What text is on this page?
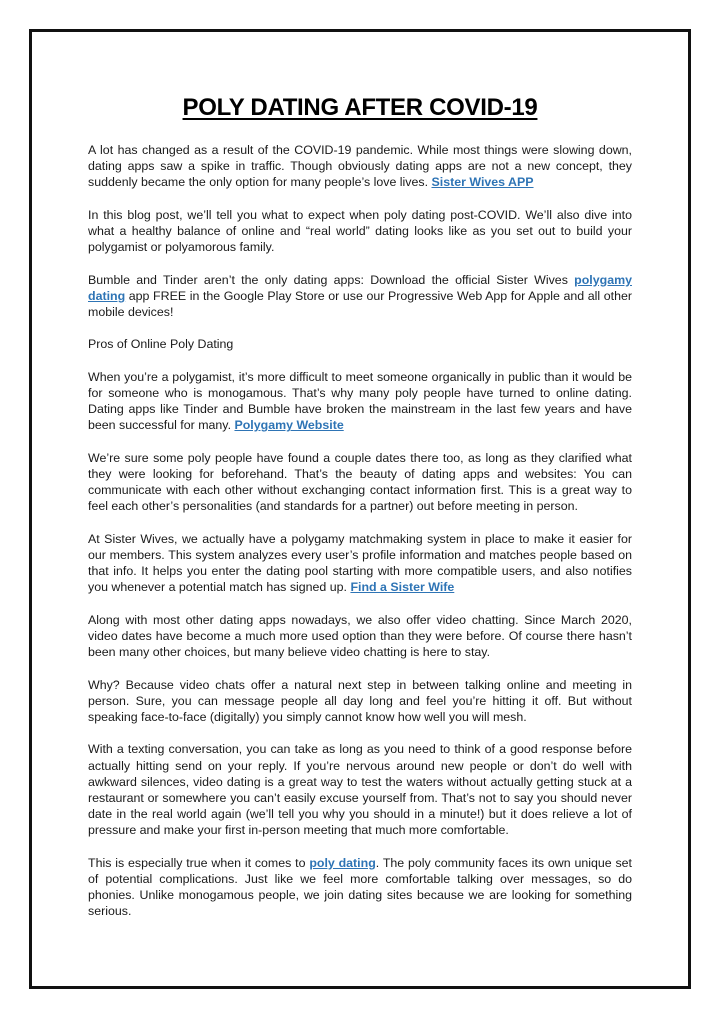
POLY DATING AFTER COVID-19

A lot has changed as a result of the COVID-19 pandemic. While most things were slowing down, dating apps saw a spike in traffic. Though obviously dating apps are not a new concept, they suddenly became the only option for many people’s love lives. Sister Wives APP

In this blog post, we’ll tell you what to expect when poly dating post-COVID. We’ll also dive into what a healthy balance of online and “real world” dating looks like as you set out to build your polygamist or polyamorous family.

Bumble and Tinder aren’t the only dating apps: Download the official Sister Wives polygamy dating app FREE in the Google Play Store or use our Progressive Web App for Apple and all other mobile devices!

Pros of Online Poly Dating

When you’re a polygamist, it’s more difficult to meet someone organically in public than it would be for someone who is monogamous. That’s why many poly people have turned to online dating. Dating apps like Tinder and Bumble have broken the mainstream in the last few years and have been successful for many. Polygamy Website

We’re sure some poly people have found a couple dates there too, as long as they clarified what they were looking for beforehand. That’s the beauty of dating apps and websites: You can communicate with each other without exchanging contact information first. This is a great way to feel each other’s personalities (and standards for a partner) out before meeting in person.

At Sister Wives, we actually have a polygamy matchmaking system in place to make it easier for our members. This system analyzes every user’s profile information and matches people based on that info. It helps you enter the dating pool starting with more compatible users, and also notifies you whenever a potential match has signed up. Find a Sister Wife

Along with most other dating apps nowadays, we also offer video chatting. Since March 2020, video dates have become a much more used option than they were before. Of course there hasn’t been many other choices, but many believe video chatting is here to stay.

Why? Because video chats offer a natural next step in between talking online and meeting in person. Sure, you can message people all day long and feel you’re hitting it off. But without speaking face-to-face (digitally) you simply cannot know how well you will mesh.

With a texting conversation, you can take as long as you need to think of a good response before actually hitting send on your reply. If you’re nervous around new people or don’t do well with awkward silences, video dating is a great way to test the waters without actually getting stuck at a restaurant or somewhere you can’t easily excuse yourself from. That’s not to say you should never date in the real world again (we’ll tell you why you should in a minute!) but it does relieve a lot of pressure and make your first in-person meeting that much more comfortable.

This is especially true when it comes to poly dating. The poly community faces its own unique set of potential complications. Just like we feel more comfortable talking over messages, so do phonies. Unlike monogamous people, we join dating sites because we are looking for something serious.
